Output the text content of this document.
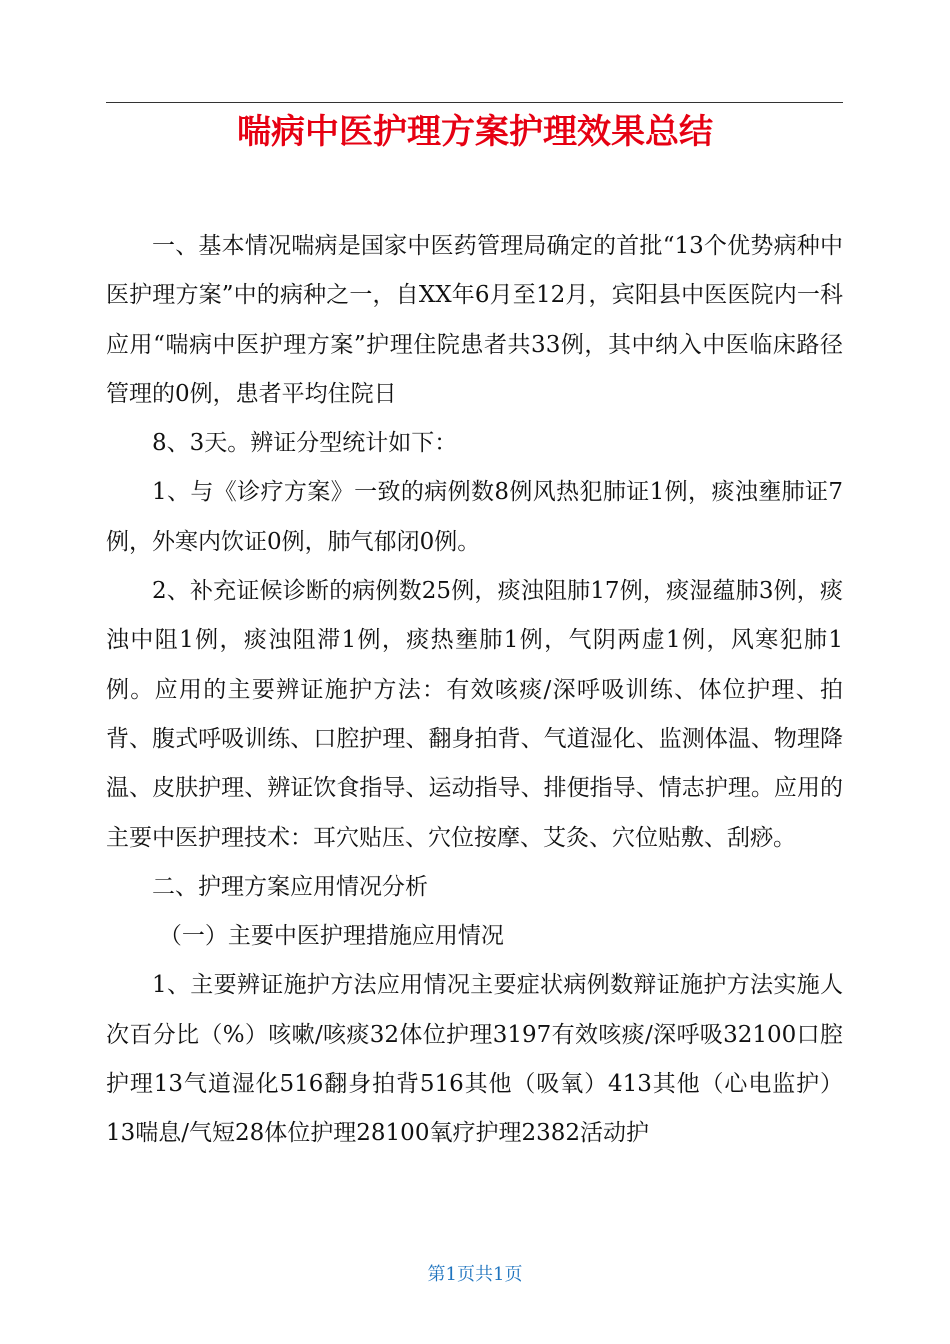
喘病中医护理方案护理效果总结

一、基本情况喘病是国家中医药管理局确定的首批“13个优势病种中医护理方案”中的病种之一，自XX年6月至12月，宾阳县中医医院内一科应用“喘病中医护理方案”护理住院患者共33例，其中纳入中医临床路径管理的0例，患者平均住院日

8、3天。辨证分型统计如下：

1、与《诊疗方案》一致的病例数8例风热犯肺证1例，痰浊壅肺证7例，外寒内饮证0例，肺气郁闭0例。

2、补充证候诊断的病例数25例，痰浊阻肺17例，痰湿蕴肺3例，痰浊中阻1例，痰浊阻滞1例，痰热壅肺1例，气阴两虚1例，风寒犯肺1例。应用的主要辨证施护方法：有效咳痰/深呼吸训练、体位护理、拍背、腹式呼吸训练、口腔护理、翻身拍背、气道湿化、监测体温、物理降温、皮肤护理、辨证饮食指导、运动指导、排便指导、情志护理。应用的主要中医护理技术：耳穴贴压、穴位按摩、艾灸、穴位贴敷、刮痧。

二、护理方案应用情况分析

（一）主要中医护理措施应用情况

1、主要辨证施护方法应用情况主要症状病例数辩证施护方法实施人次百分比（%）咳嗽/咳痰32体位护理3197有效咳痰/深呼吸32100口腔护理13气道湿化516翻身拍背516其他（吸氧）413其他（心电监护）13喘息/气短28体位护理28100氧疗护理2382活动护

第1页共1页
